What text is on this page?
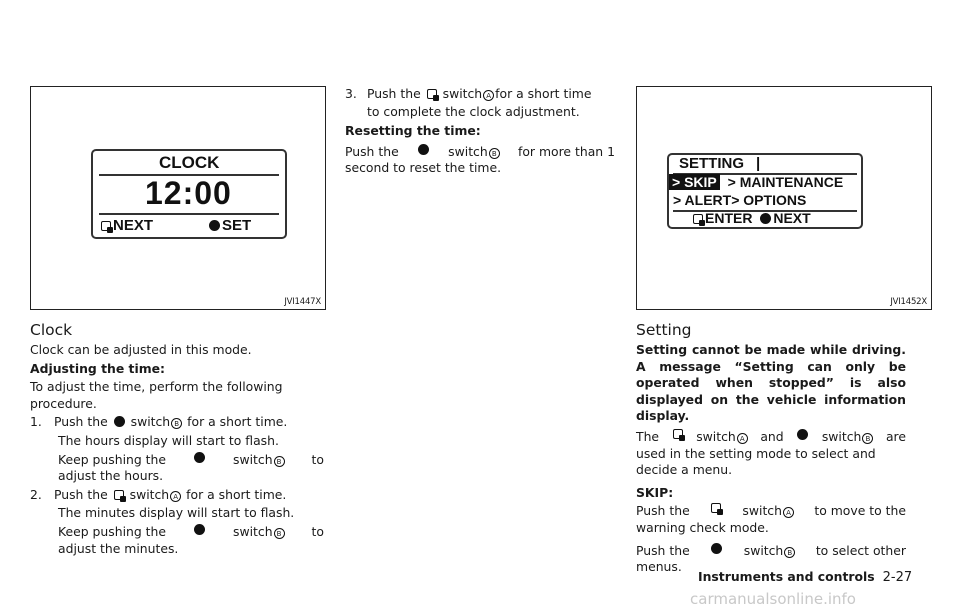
CLOCK
12:00
NEXT	SET
JVI1447X

Clock

Clock can be adjusted in this mode.

Adjusting the time:

To adjust the time, perform the following procedure.

1. Push the switch B for a short time.

The hours display will start to flash.

Keep pushing the	switch B	to
adjust the hours.
2. Push the switch A for a short time.

The minutes display will start to flash.

Keep pushing the	switch B	to
adjust the minutes.
3. Push the switch A for a short time

to complete the clock adjustment.

Resetting the time:

Push the	switch B	for more than 1
second to reset the time.	SETTING |
> SKIP > MAINTENANCE
> ALERT> OPTIONS
ENTER NEXT
JVI1452X

Setting

Setting cannot be made while driving. A message “Setting can only be operated when stopped” is also displayed on the vehicle information display.

The	switch A	and	switch B	are
used in the setting mode to select and decide a menu.

SKIP:

Push the	switch A	to move to the
warning check mode.
Push the	switch B	to select other
menus.
Instruments and controls 2-27
carmanualsonline.info
